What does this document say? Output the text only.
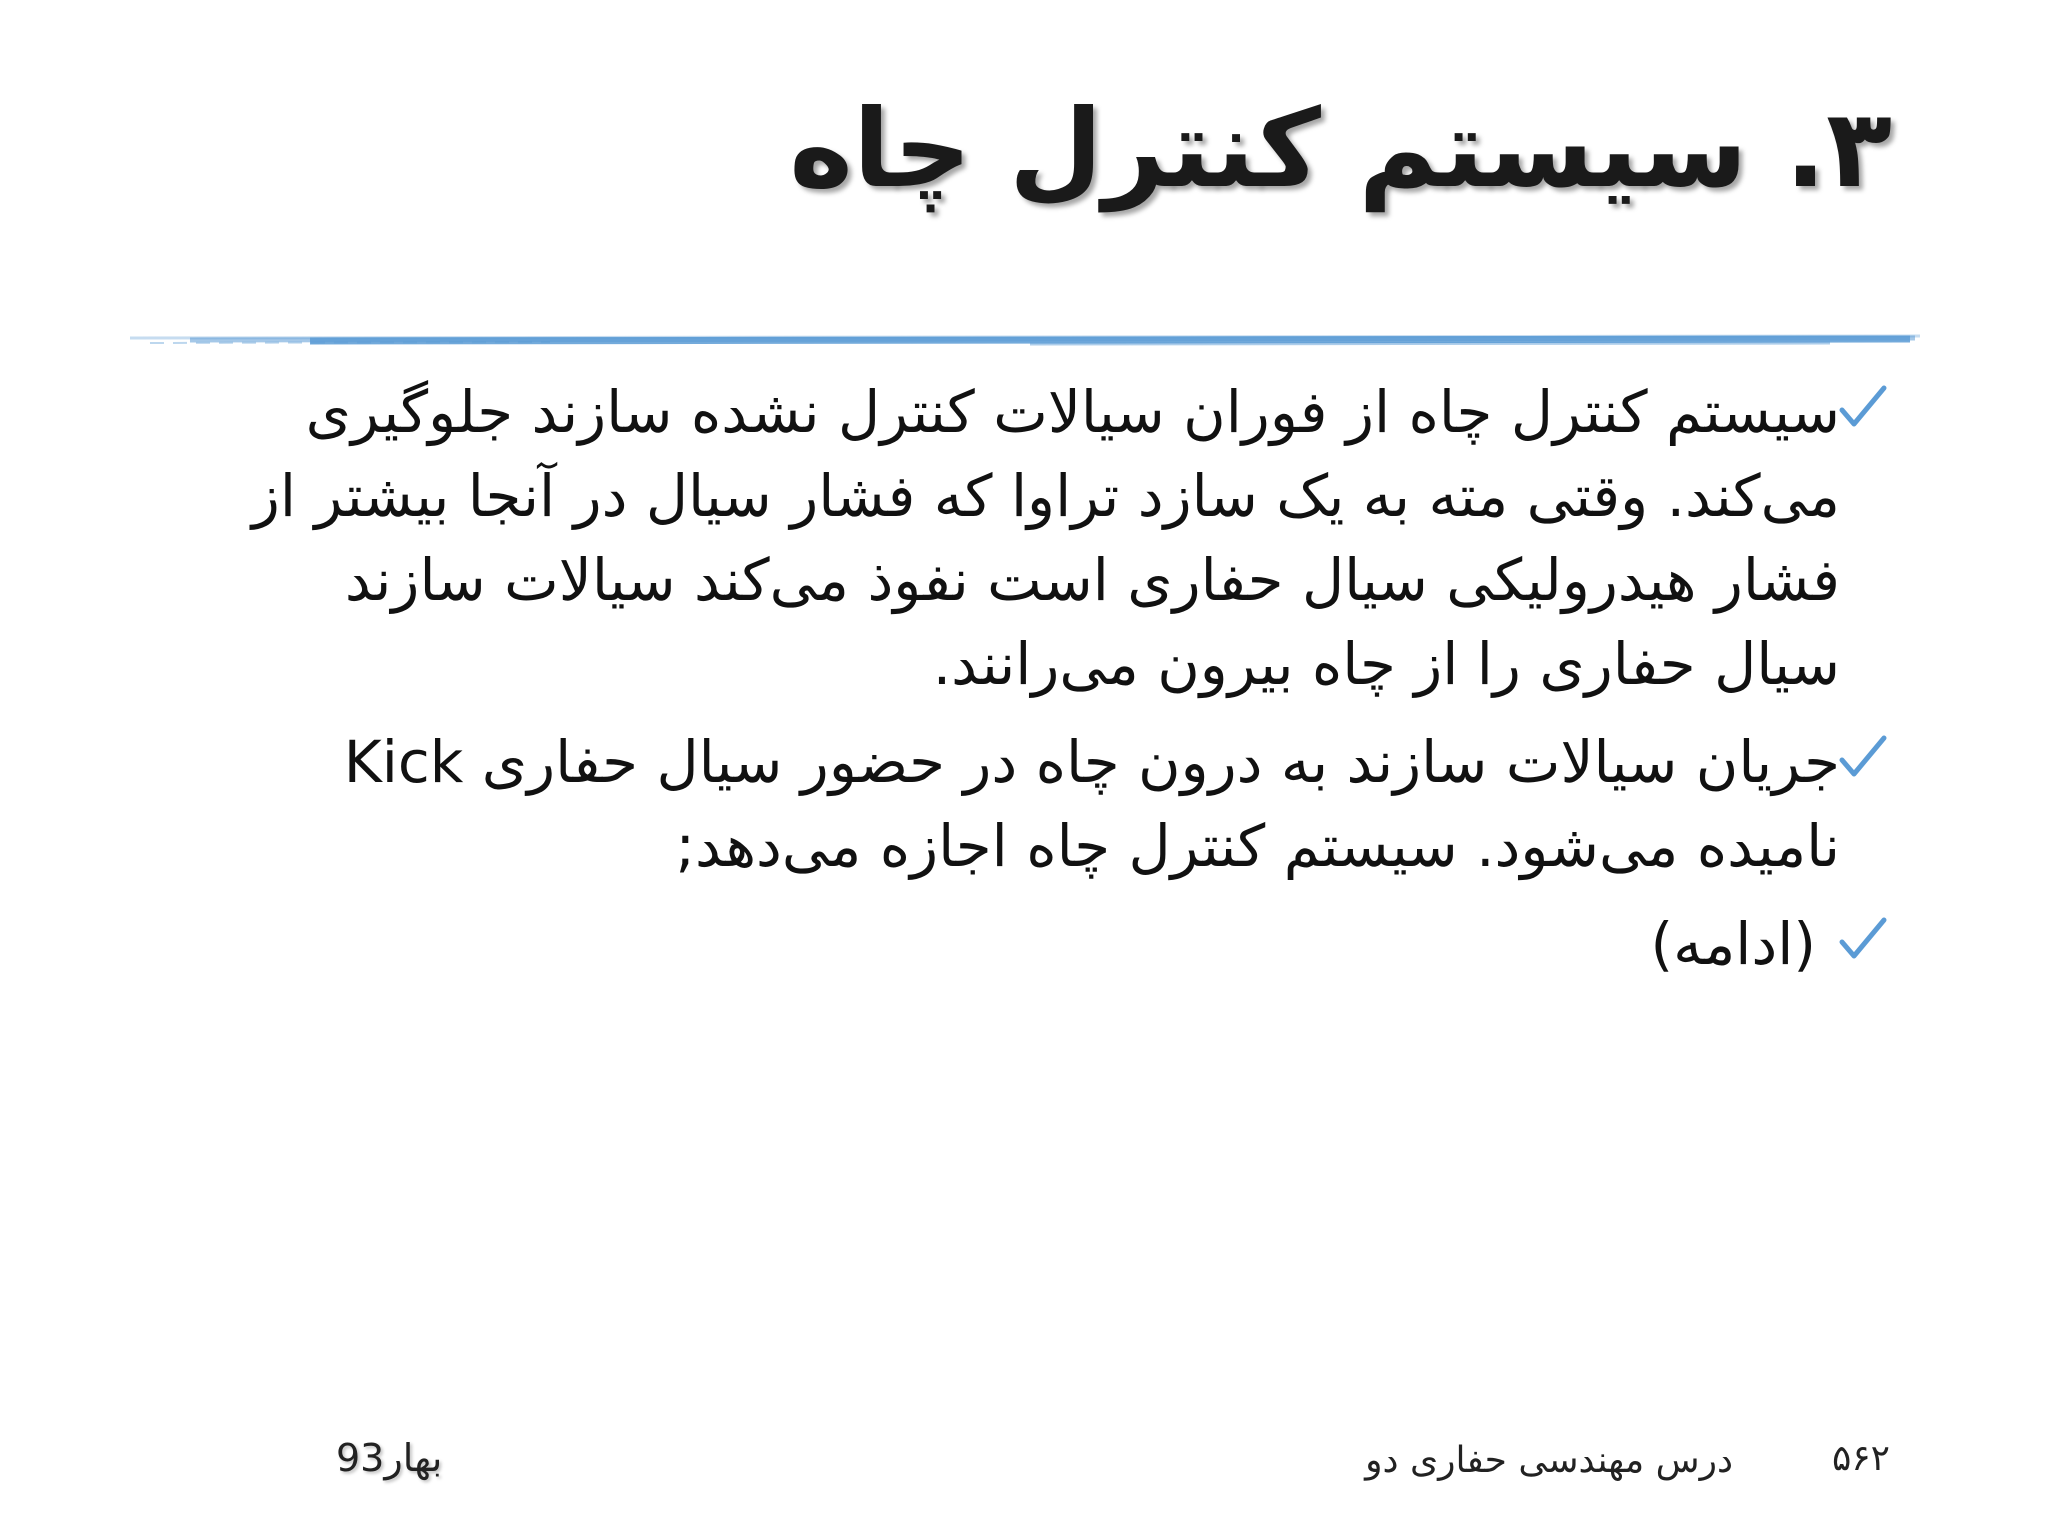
۳. سیستم کنترل چاه
سیستم کنترل چاه از فوران سیالات کنترل نشده سازند جلوگیری می‌کند. وقتی مته به یک سازد تراوا که فشار سیال در آنجا بیشتر از فشار هیدرولیکی سیال حفاری است نفوذ می‌کند سیالات سازند سیال حفاری را از چاه بیرون می‌رانند.
جریان سیالات سازند به درون چاه در حضور سیال حفاری Kick نامیده می‌شود. سیستم کنترل چاه اجازه می‌دهد;
(ادامه)
۵۶۲
درس مهندسی حفاری دو
بهار93
